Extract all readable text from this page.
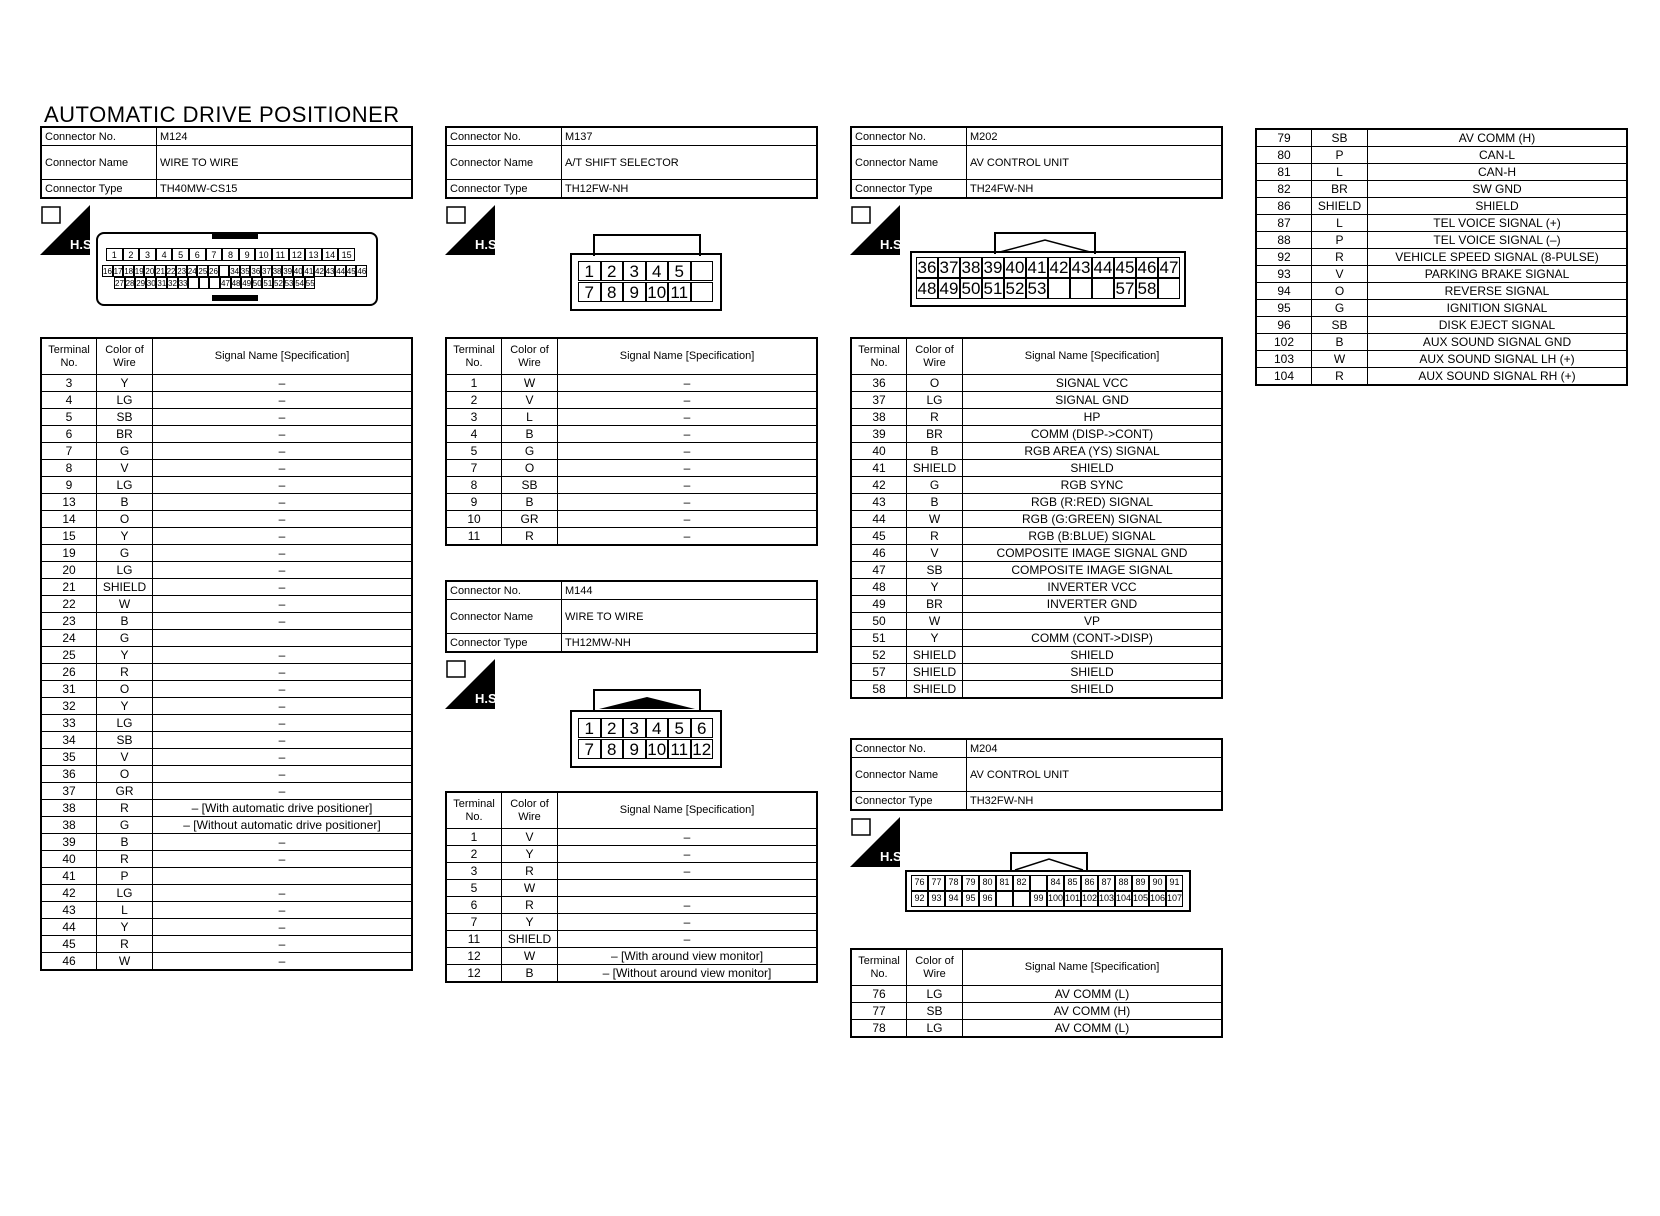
AUTOMATIC DRIVE POSITIONER
Connector No.	M124
Connector Name	WIRE TO WIRE
Connector Type	TH40MW-CS15
H.S.
1	2	3	4	5	6	7	8	9	10 11 12 13 14 15
16 17 18 19 20 21 22 23 24 25 26 34 35 36 37 38 39 40 41 42 43 44 45 46
27 28 29 30 31 32 33	47 48 49 50 51 52 53 54 55
Terminal No.	Color of Wire	Signal Name [Specification]
3	Y	–
4	LG	–
5	SB	–
6	BR	–
7	G	–
8	V	–
9	LG	–
13	B	–
14	O	–
15	Y	–
19	G	–
20	LG	–
21	SHIELD	–
22	W	–
23	B	–
24	G	
25	Y	–
26	R	–
31	O	–
32	Y	–
33	LG	–
34	SB	–
35	V	–
36	O	–
37	GR	–
38	R	– [With automatic drive positioner]
38	G	– [Without automatic drive positioner]
39	B	–
40	R	–
41	P	
42	LG	–
43	L	–
44	Y	–
45	R	–
46	W	–
Connector No.	M137
Connector Name	A/T SHIFT SELECTOR
Connector Type	TH12FW-NH
H.S.
1 2 3 4 5
7 8 9 10 11
Terminal No.	Color of Wire	Signal Name [Specification]
1	W	–
2	V	–
3	L	–
4	B	–
5	G	–
7	O	–
8	SB	–
9	B	–
10	GR	–
11	R	–
Connector No.	M144
Connector Name	WIRE TO WIRE
Connector Type	TH12MW-NH
H.S.
1 2 3 4 5 6
7 8 9 10 11 12
Terminal No.	Color of Wire	Signal Name [Specification]
1	V	–
2	Y	–
3	R	–
5	W	
6	R	–
7	Y	–
11	SHIELD	–
12	W	– [With around view monitor]
12	B	– [Without around view monitor]
Connector No.	M202
Connector Name	AV CONTROL UNIT
Connector Type	TH24FW-NH
H.S.
36 37 38 39 40 41 42 43 44 45 46 47
48 49 50 51 52 53	57 58
Terminal No.	Color of Wire	Signal Name [Specification]
36	O	SIGNAL VCC
37	LG	SIGNAL GND
38	R	HP
39	BR	COMM (DISP->CONT)
40	B	RGB AREA (YS) SIGNAL
41	SHIELD	SHIELD
42	G	RGB SYNC
43	B	RGB (R:RED) SIGNAL
44	W	RGB (G:GREEN) SIGNAL
45	R	RGB (B:BLUE) SIGNAL
46	V	COMPOSITE IMAGE SIGNAL GND
47	SB	COMPOSITE IMAGE SIGNAL
48	Y	INVERTER VCC
49	BR	INVERTER GND
50	W	VP
51	Y	COMM (CONT->DISP)
52	SHIELD	SHIELD
57	SHIELD	SHIELD
58	SHIELD	SHIELD
Connector No.	M204
Connector Name	AV CONTROL UNIT
Connector Type	TH32FW-NH
H.S.
76 77 78 79 80 81 82	84 85 86 87 88 89 90 91
92 93 94 95 96	99 100 101 102 103 104 105 106 107
Terminal No.	Color of Wire	Signal Name [Specification]
76	LG	AV COMM (L)
77	SB	AV COMM (H)
78	LG	AV COMM (L)
79	SB	AV COMM (H)
80	P	CAN-L
81	L	CAN-H
82	BR	SW GND
86	SHIELD	SHIELD
87	L	TEL VOICE SIGNAL (+)
88	P	TEL VOICE SIGNAL (–)
92	R	VEHICLE SPEED SIGNAL (8-PULSE)
93	V	PARKING BRAKE SIGNAL
94	O	REVERSE SIGNAL
95	G	IGNITION SIGNAL
96	SB	DISK EJECT SIGNAL
102	B	AUX SOUND SIGNAL GND
103	W	AUX SOUND SIGNAL LH (+)
104	R	AUX SOUND SIGNAL RH (+)
